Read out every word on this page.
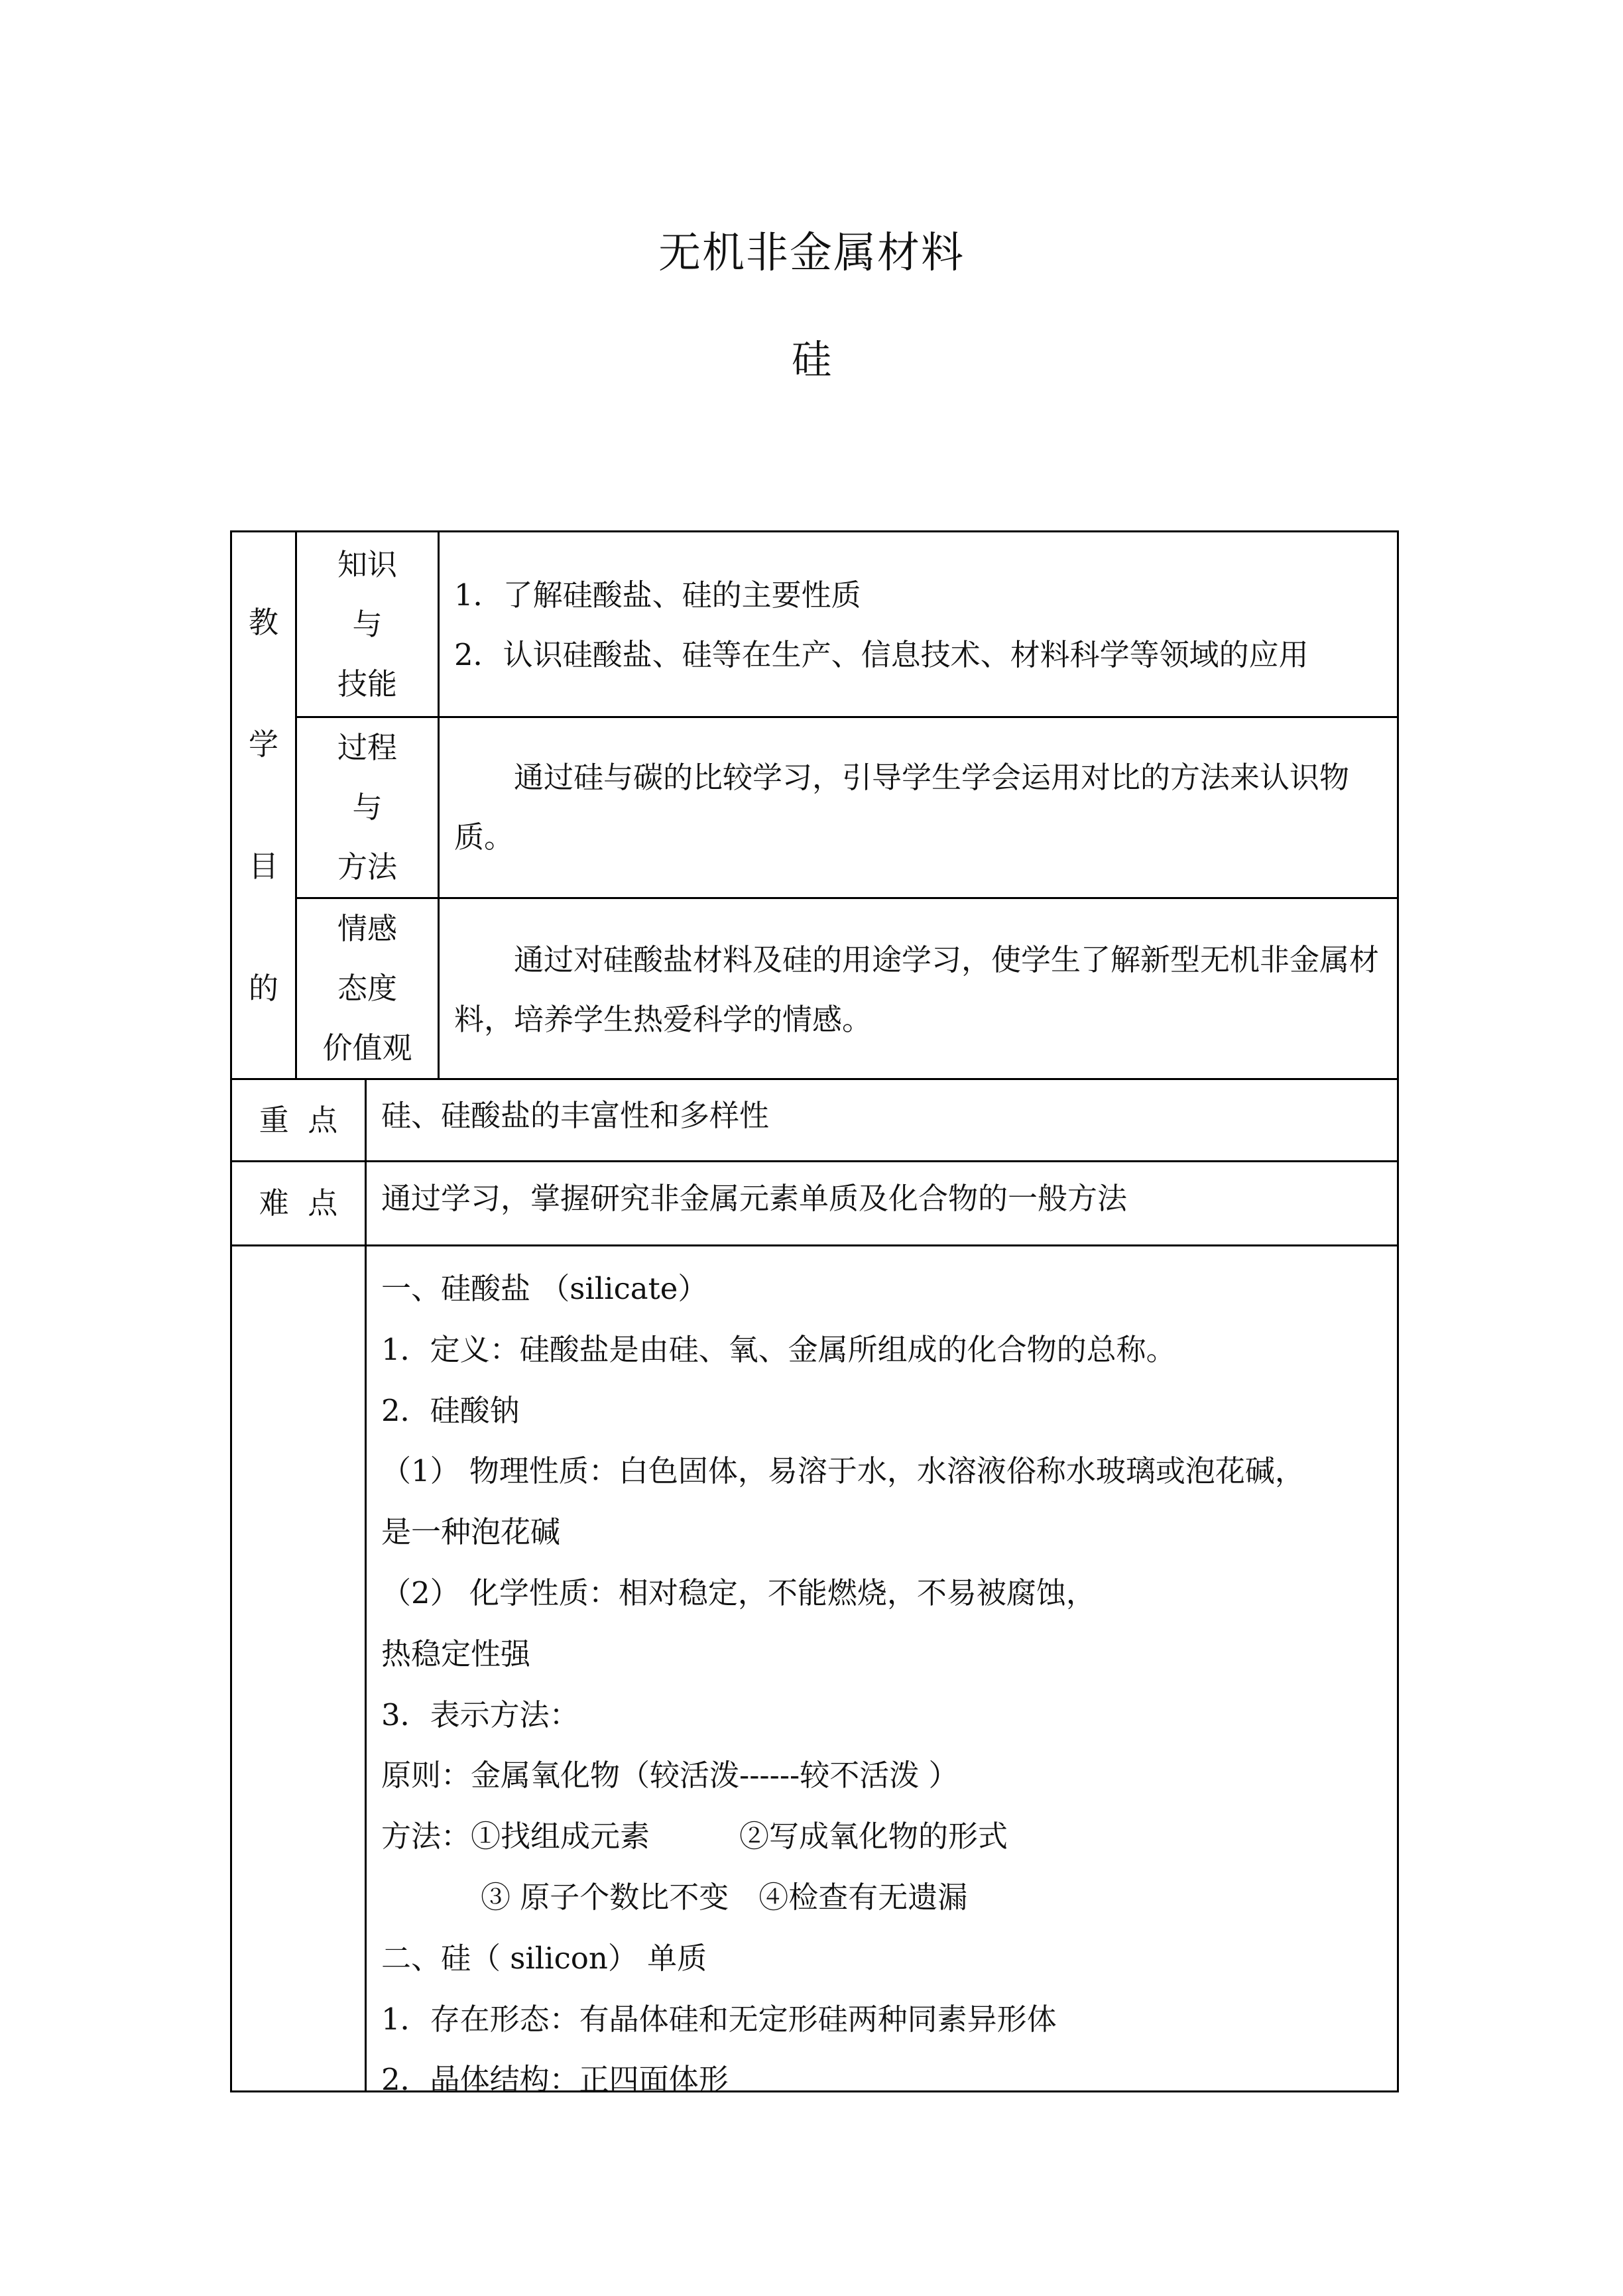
无机非金属材料
硅
教
学
目
的
知识
与
技能

1．了解硅酸盐、硅的主要性质

2．认识硅酸盐、硅等在生产、信息技术、材料科学等领域的应用

过程
与
方法

通过硅与碳的比较学习，引导学生学会运用对比的方法来认识物质。

情感
态度
价值观

通过对硅酸盐材料及硅的用途学习，使学生了解新型无机非金属材料，培养学生热爱科学的情感。

重  点	硅、硅酸盐的丰富性和多样性
难  点	通过学习，掌握研究非金属元素单质及化合物的一般方法

一、硅酸盐 （silicate）

1．定义：硅酸盐是由硅、氧、金属所组成的化合物的总称。

2．硅酸钠

（1） 物理性质：白色固体，易溶于水，水溶液俗称水玻璃或泡花碱，

是一种泡花碱

（2） 化学性质：相对稳定，不能燃烧，不易被腐蚀，

热稳定性强

3．表示方法：

原则：金属氧化物（较活泼------较不活泼 ）

方法：①找组成元素　　　②写成氧化物的形式

③ 原子个数比不变　④检查有无遗漏

二、硅（ silicon） 单质

1．存在形态：有晶体硅和无定形硅两种同素异形体

2．晶体结构：正四面体形
